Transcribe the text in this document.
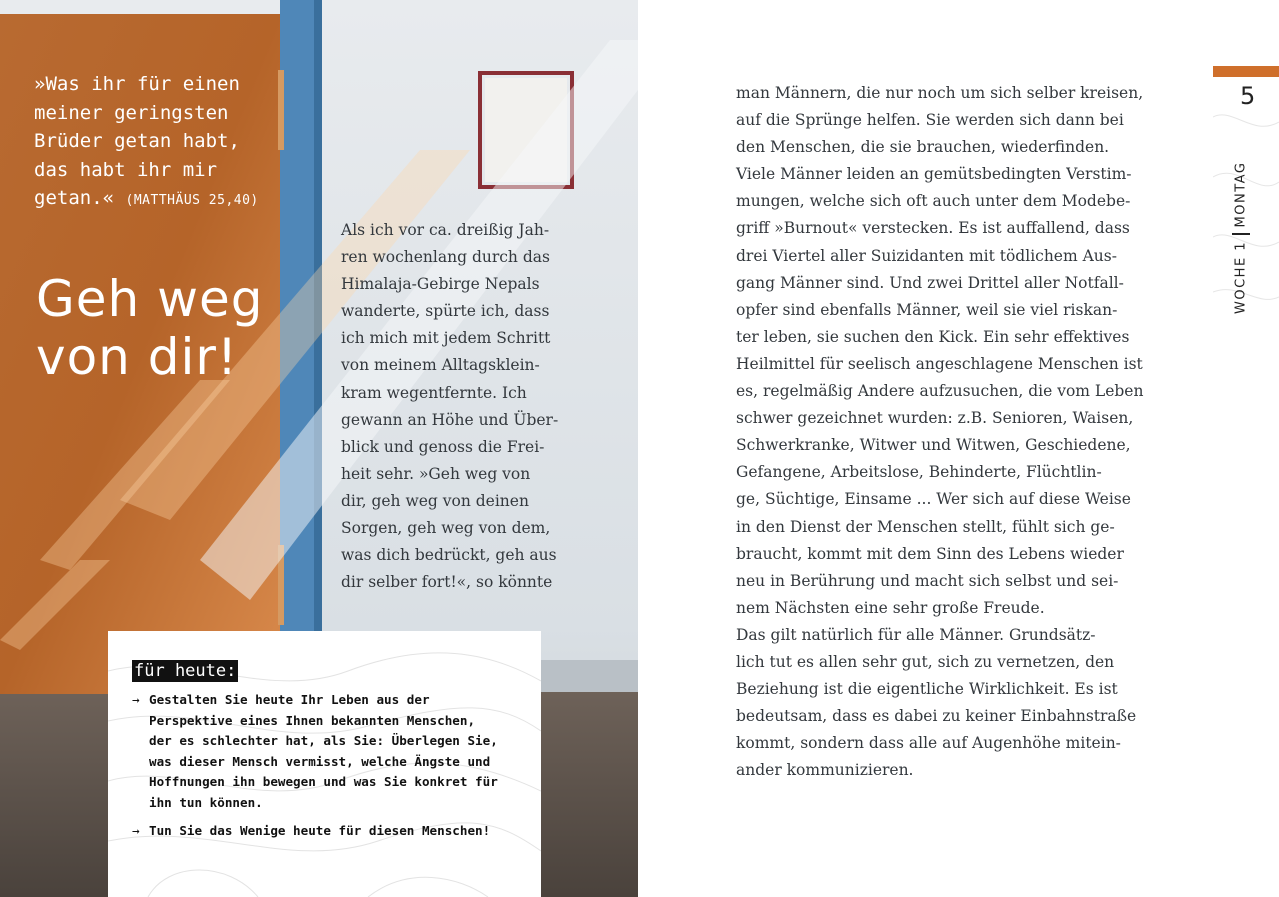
»Was ihr für einen
meiner geringsten
Brüder getan habt,
das habt ihr mir
getan.« (MATTHÄUS 25,40)
Geh weg
von dir!
Als ich vor ca. dreißig Jah-
ren wochenlang durch das
Himalaja-Gebirge Nepals
wanderte, spürte ich, dass
ich mich mit jedem Schritt
von meinem Alltagsklein-
kram wegentfernte. Ich
gewann an Höhe und Über-
blick und genoss die Frei-
heit sehr. »Geh weg von
dir, geh weg von deinen
Sorgen, geh weg von dem,
was dich bedrückt, geh aus
dir selber fort!«, so könnte
für heute:
→ Gestalten Sie heute Ihr Leben aus der
Perspektive eines Ihnen bekannten Menschen,
der es schlechter hat, als Sie: Überlegen Sie,
was dieser Mensch vermisst, welche Ängste und
Hoffnungen ihn bewegen und was Sie konkret für
ihn tun können.
→ Tun Sie das Wenige heute für diesen Menschen!
man Männern, die nur noch um sich selber kreisen,
auf die Sprünge helfen. Sie werden sich dann bei
den Menschen, die sie brauchen, wiederfinden.
Viele Männer leiden an gemütsbedingten Verstim-
mungen, welche sich oft auch unter dem Modebe-
griff »Burnout« verstecken. Es ist auffallend, dass
drei Viertel aller Suizidanten mit tödlichem Aus-
gang Männer sind. Und zwei Drittel aller Notfall-
opfer sind ebenfalls Männer, weil sie viel riskan-
ter leben, sie suchen den Kick. Ein sehr effektives
Heilmittel für seelisch angeschlagene Menschen ist
es, regelmäßig Andere aufzusuchen, die vom Leben
schwer gezeichnet wurden: z.B. Senioren, Waisen,
Schwerkranke, Witwer und Witwen, Geschiedene,
Gefangene, Arbeitslose, Behinderte, Flüchtlin-
ge, Süchtige, Einsame ... Wer sich auf diese Weise
in den Dienst der Menschen stellt, fühlt sich ge-
braucht, kommt mit dem Sinn des Lebens wieder
neu in Berührung und macht sich selbst und sei-
nem Nächsten eine sehr große Freude.
Das gilt natürlich für alle Männer. Grundsätz-
lich tut es allen sehr gut, sich zu vernetzen, den
Beziehung ist die eigentliche Wirklichkeit. Es ist
bedeutsam, dass es dabei zu keiner Einbahnstraße
kommt, sondern dass alle auf Augenhöhe mitein-
ander kommunizieren.
5
WOCHE 1MONTAG
